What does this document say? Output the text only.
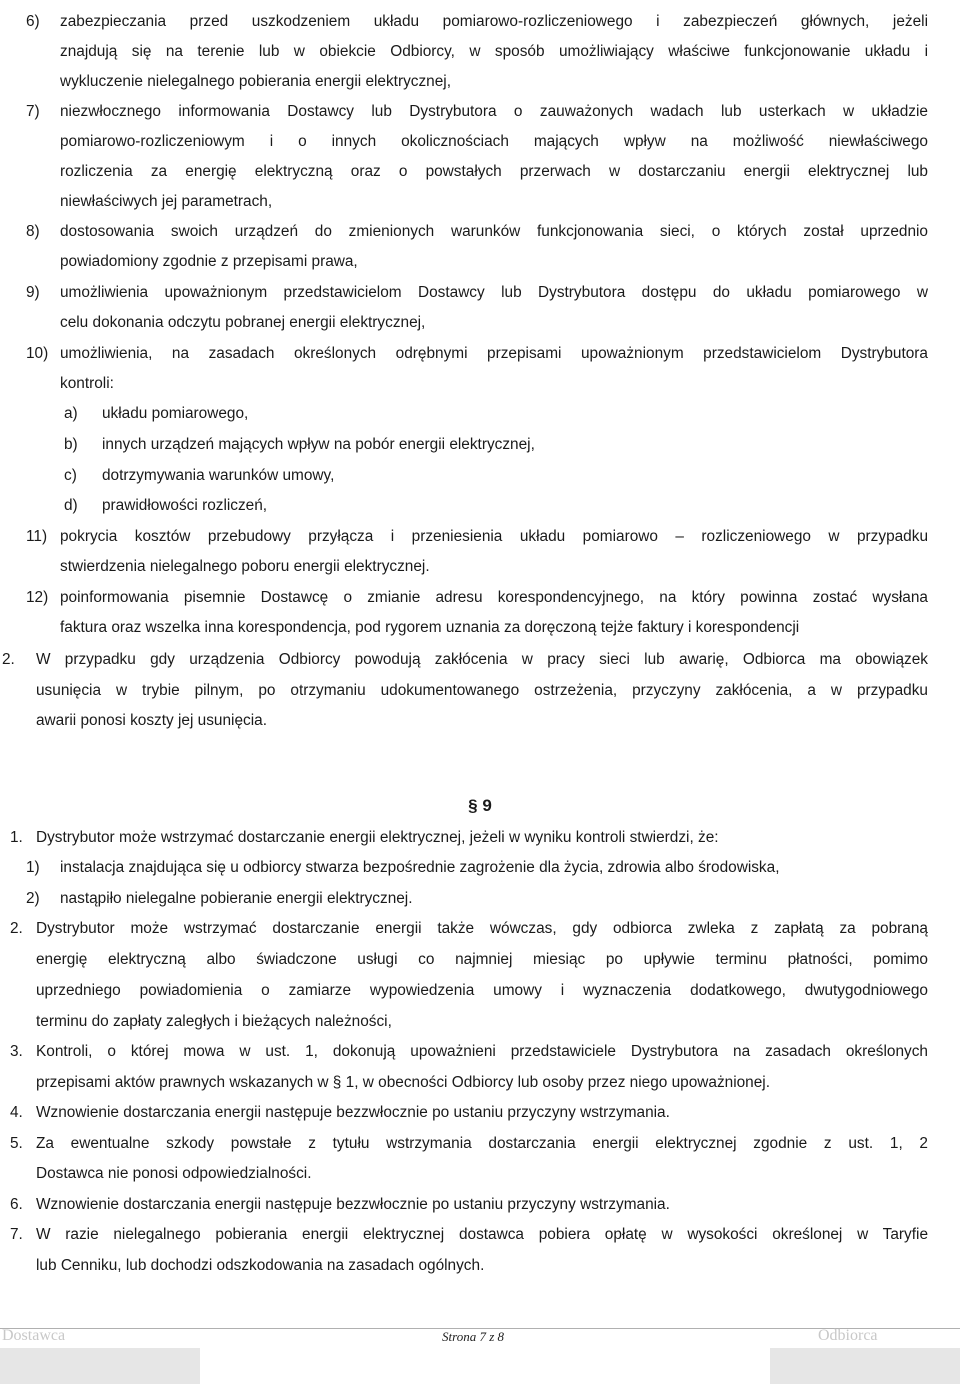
6) zabezpieczania przed uszkodzeniem układu pomiarowo-rozliczeniowego i zabezpieczeń głównych, jeżeli
znajdują się na terenie lub w obiekcie Odbiorcy, w sposób umożliwiający właściwe funkcjonowanie układu i
wykluczenie nielegalnego pobierania energii elektrycznej,
7) niezwłocznego informowania Dostawcy lub Dystrybutora o zauważonych wadach lub usterkach w układzie
pomiarowo-rozliczeniowym i o innych okolicznościach mających wpływ na możliwość niewłaściwego
rozliczenia za energię elektryczną oraz o powstałych przerwach w dostarczaniu energii elektrycznej lub
niewłaściwych jej parametrach,
8) dostosowania swoich urządzeń do zmienionych warunków funkcjonowania sieci, o których został uprzednio
powiadomiony zgodnie z przepisami prawa,
9) umożliwienia upoważnionym przedstawicielom Dostawcy lub Dystrybutora dostępu do układu pomiarowego w
celu dokonania odczytu pobranej energii elektrycznej,
10) umożliwienia, na zasadach określonych odrębnymi przepisami upoważnionym przedstawicielom Dystrybutora
kontroli:
a) układu pomiarowego,
b) innych urządzeń mających wpływ na pobór energii elektrycznej,
c) dotrzymywania warunków umowy,
d) prawidłowości rozliczeń,
11) pokrycia kosztów przebudowy przyłącza i przeniesienia układu pomiarowo – rozliczeniowego w przypadku
stwierdzenia nielegalnego poboru energii elektrycznej.
12) poinformowania pisemnie Dostawcę o zmianie adresu korespondencyjnego, na który powinna zostać wysłana
faktura oraz wszelka inna korespondencja, pod rygorem uznania za doręczoną tejże faktury i korespondencji
2. W przypadku gdy urządzenia Odbiorcy powodują zakłócenia w pracy sieci lub awarię, Odbiorca ma obowiązek
usunięcia w trybie pilnym, po otrzymaniu udokumentowanego ostrzeżenia, przyczyny zakłócenia, a w przypadku
awarii ponosi koszty jej usunięcia.
1. Dystrybutor może wstrzymać dostarczanie energii elektrycznej, jeżeli w wyniku kontroli stwierdzi, że:
1) instalacja znajdująca się u odbiorcy stwarza bezpośrednie zagrożenie dla życia, zdrowia albo środowiska,
2) nastąpiło nielegalne pobieranie energii elektrycznej.
2. Dystrybutor może wstrzymać dostarczanie energii także wówczas, gdy odbiorca zwleka z zapłatą za pobraną
energię elektryczną albo świadczone usługi co najmniej miesiąc po upływie terminu płatności, pomimo
uprzedniego powiadomienia o zamiarze wypowiedzenia umowy i wyznaczenia dodatkowego, dwutygodniowego
terminu do zapłaty zaległych i bieżących należności,
3. Kontroli, o której mowa w ust. 1, dokonują upoważnieni przedstawiciele Dystrybutora na zasadach określonych
przepisami aktów prawnych wskazanych w § 1, w obecności Odbiorcy lub osoby przez niego upoważnionej.
4. Wznowienie dostarczania energii następuje bezzwłocznie po ustaniu przyczyny wstrzymania.
5. Za ewentualne szkody powstałe z tytułu wstrzymania dostarczania energii elektrycznej zgodnie z ust. 1, 2
Dostawca nie ponosi odpowiedzialności.
6. Wznowienie dostarczania energii następuje bezzwłocznie po ustaniu przyczyny wstrzymania.
7. W razie nielegalnego pobierania energii elektrycznej dostawca pobiera opłatę w wysokości określonej w Taryfie
lub Cenniku, lub dochodzi odszkodowania na zasadach ogólnych.
§ 9
Dostawca	Strona 7 z 8	Odbiorca
